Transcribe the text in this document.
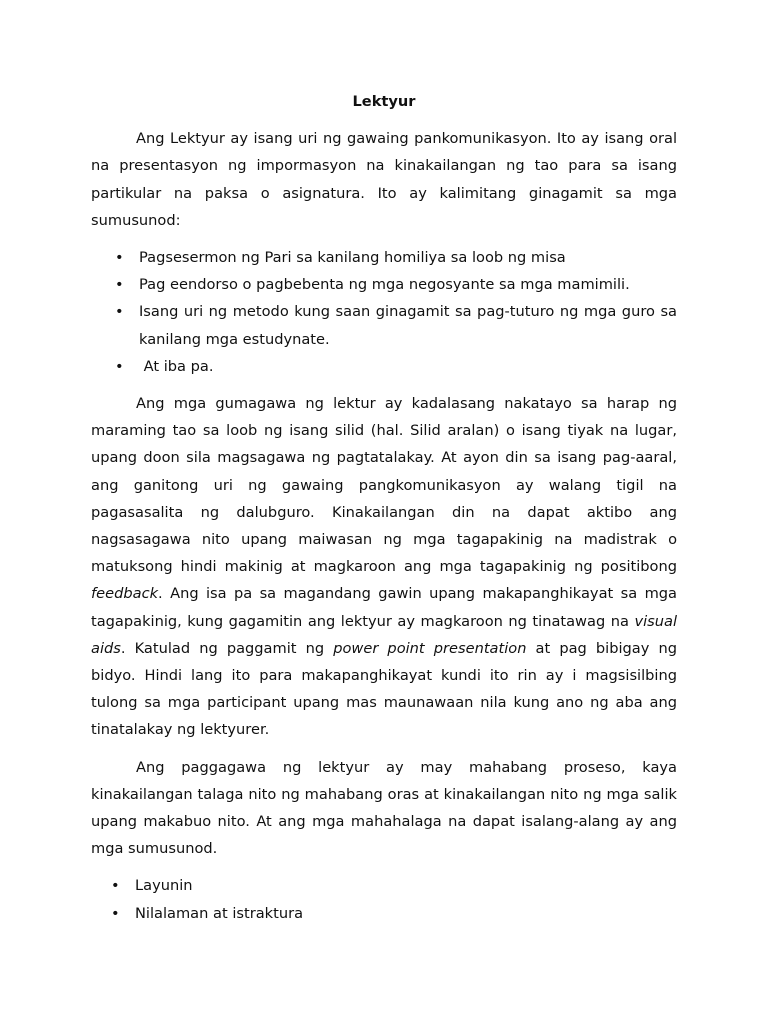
Lektyur

Ang Lektyur ay isang uri ng gawaing pankomunikasyon. Ito ay isang oral na presentasyon ng impormasyon na kinakailangan ng tao para sa isang partikular na paksa o asignatura. Ito ay kalimitang ginagamit sa mga sumusunod:

• Pagsesermon ng Pari sa kanilang homiliya sa loob ng misa
• Pag eendorso o pagbebenta ng mga negosyante sa mga mamimili.
• Isang uri ng metodo kung saan ginagamit sa pag-tuturo ng mga guro sa kanilang mga estudynate.
• At iba pa.

Ang mga gumagawa ng lektur ay kadalasang nakatayo sa harap ng maraming tao sa loob ng isang silid (hal. Silid aralan) o isang tiyak na lugar, upang doon sila magsagawa ng pagtatalakay. At ayon din sa isang pag-aaral, ang ganitong uri ng gawaing pangkomunikasyon ay walang tigil na pagasasalita ng dalubguro. Kinakailangan din na dapat aktibo ang nagsasagawa nito upang maiwasan ng mga tagapakinig na madistrak o matuksong hindi makinig at magkaroon ang mga tagapakinig ng positibong feedback. Ang isa pa sa magandang gawin upang makapanghikayat sa mga tagapakinig, kung gagamitin ang lektyur ay magkaroon ng tinatawag na visual aids. Katulad ng paggamit ng power point presentation at pag bibigay ng bidyo. Hindi lang ito para makapanghikayat kundi ito rin ay i magsisilbing tulong sa mga participant upang mas maunawaan nila kung ano ng aba ang tinatalakay ng lektyurer.

Ang paggagawa ng lektyur ay may mahabang proseso, kaya kinakailangan talaga nito ng mahabang oras at kinakailangan nito ng mga salik upang makabuo nito. At ang mga mahahalaga na dapat isalang-alang ay ang mga sumusunod.

• Layunin
• Nilalaman at istraktura
